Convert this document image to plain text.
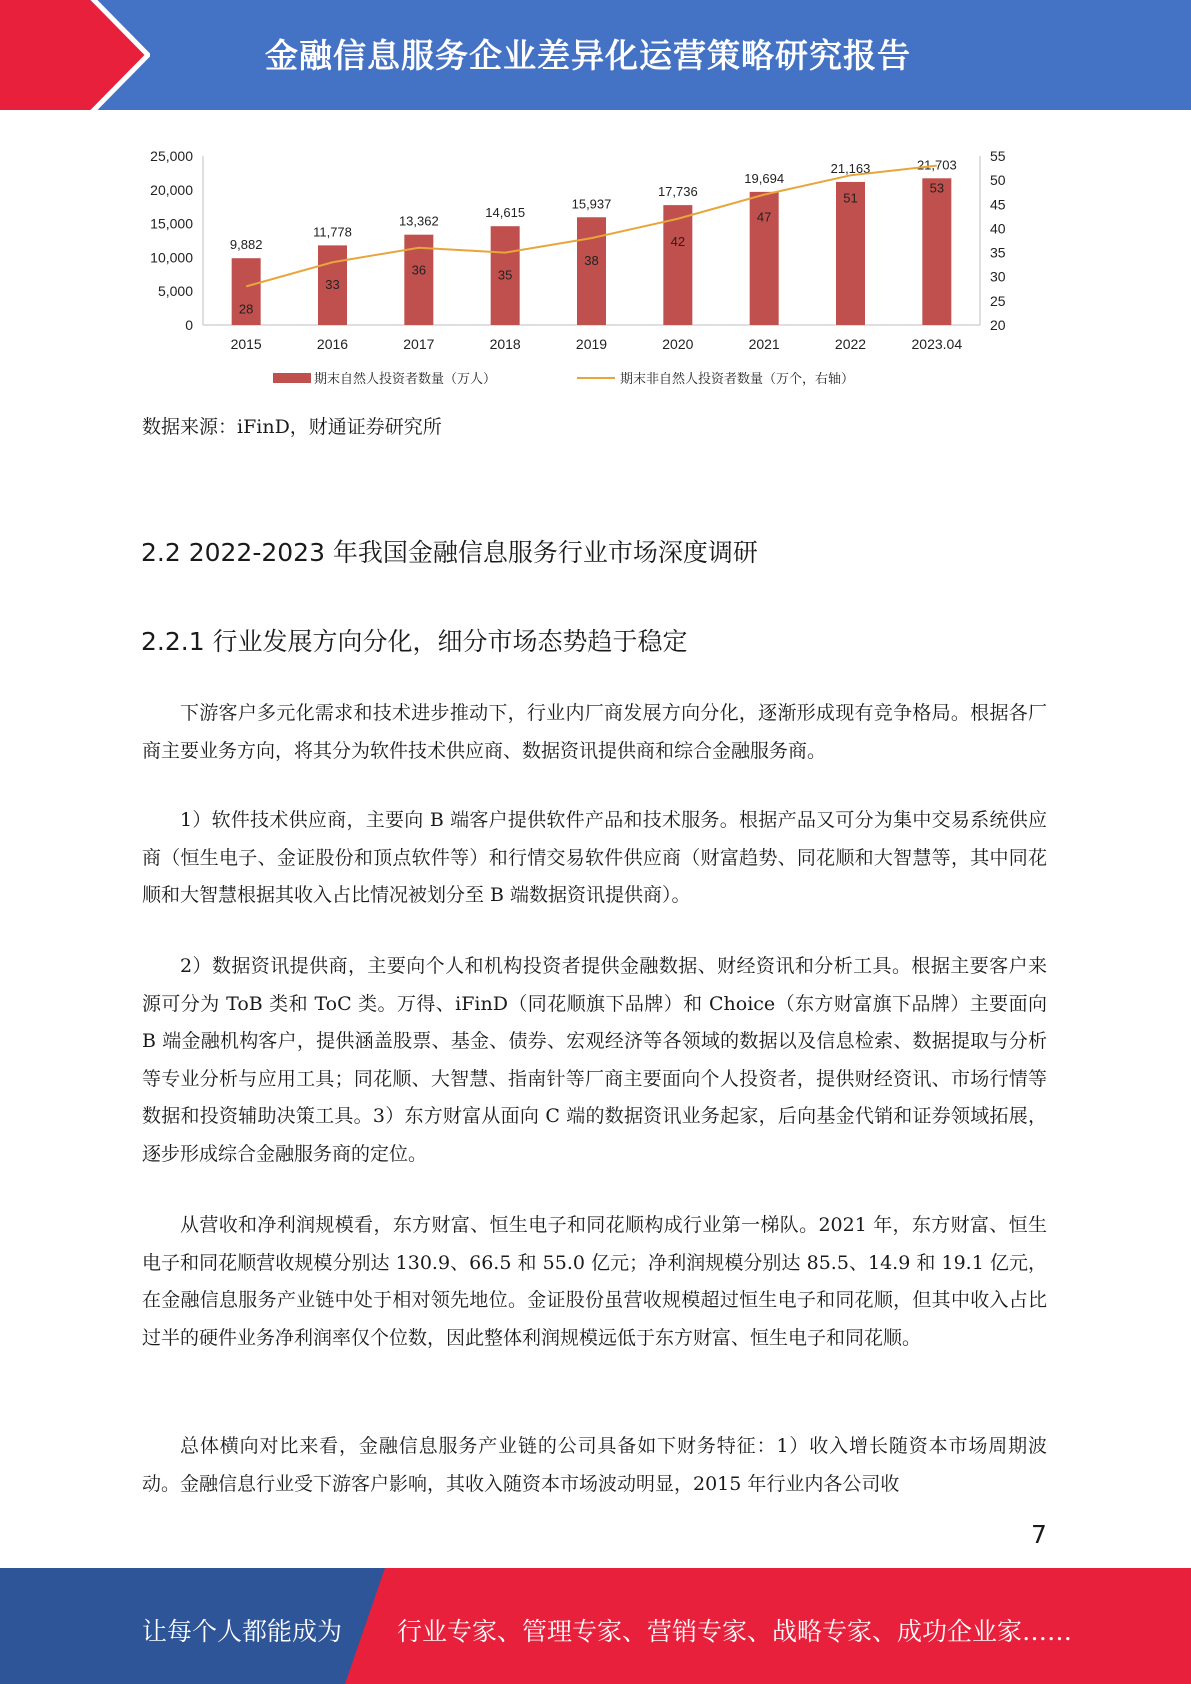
金融信息服务企业差异化运营策略研究报告
0
5,000
10,000
15,000
20,000
25,000
20
25
30
35
40
45
50
55
9,882
11,778
13,362
14,615
15,937
17,736
19,694
21,163	21,703
28
33
36	35
38
42
47
51
53
2015	2016	2017	2018	2019	2020	2021	2022	2023.04
期末自然人投资者数量（万人）	期末非自然人投资者数量（万个，右轴）
数据来源：iFinD，财通证券研究所
2.2 2022-2023 年我国金融信息服务行业市场深度调研
2.2.1 行业发展方向分化，细分市场态势趋于稳定

下游客户多元化需求和技术进步推动下，行业内厂商发展方向分化，逐渐形成现有竞争格局。根据各厂商主要业务方向，将其分为软件技术供应商、数据资讯提供商和综合金融服务商。

1）软件技术供应商，主要向 B 端客户提供软件产品和技术服务。根据产品又可分为集中交易系统供应商（恒生电子、金证股份和顶点软件等）和行情交易软件供应商（财富趋势、同花顺和大智慧等，其中同花顺和大智慧根据其收入占比情况被划分至 B 端数据资讯提供商）。

2）数据资讯提供商，主要向个人和机构投资者提供金融数据、财经资讯和分析工具。根据主要客户来源可分为 ToB 类和 ToC 类。万得、iFinD（同花顺旗下品牌）和 Choice（东方财富旗下品牌）主要面向 B 端金融机构客户，提供涵盖股票、基金、债券、宏观经济等各领域的数据以及信息检索、数据提取与分析等专业分析与应用工具；同花顺、大智慧、指南针等厂商主要面向个人投资者，提供财经资讯、市场行情等数据和投资辅助决策工具。3）东方财富从面向 C 端的数据资讯业务起家，后向基金代销和证券领域拓展，逐步形成综合金融服务商的定位。

从营收和净利润规模看，东方财富、恒生电子和同花顺构成行业第一梯队。2021 年，东方财富、恒生电子和同花顺营收规模分别达 130.9、66.5 和 55.0 亿元；净利润规模分别达 85.5、14.9 和 19.1 亿元，在金融信息服务产业链中处于相对领先地位。金证股份虽营收规模超过恒生电子和同花顺，但其中收入占比过半的硬件业务净利润率仅个位数，因此整体利润规模远低于东方财富、恒生电子和同花顺。

总体横向对比来看，金融信息服务产业链的公司具备如下财务特征：1）收入增长随资本市场周期波动。金融信息行业受下游客户影响，其收入随资本市场波动明显，2015 年行业内各公司收

7
让每个人都能成为 行业专家、管理专家、营销专家、战略专家、成功企业家……
